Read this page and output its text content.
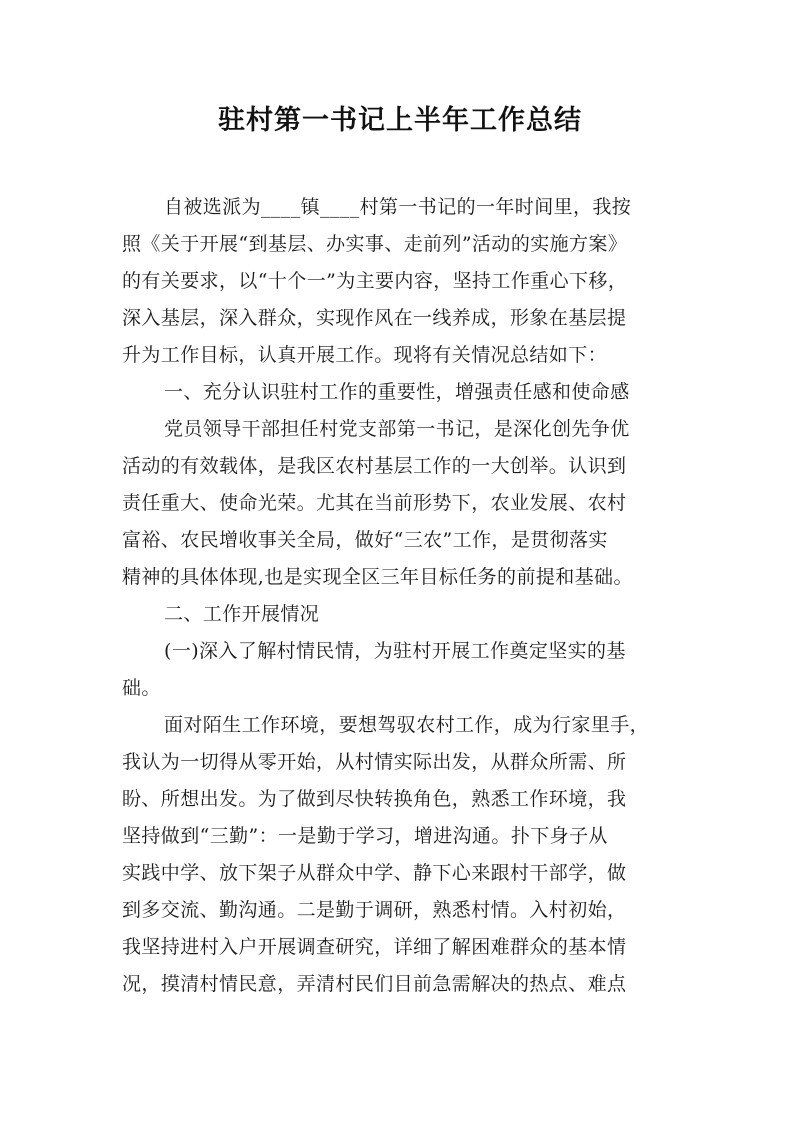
驻村第一书记上半年工作总结
自被选派为____镇____村第一书记的一年时间里，我按
照《关于开展“到基层、办实事、走前列”活动的实施方案》
的有关要求，以“十个一”为主要内容，坚持工作重心下移，
深入基层，深入群众，实现作风在一线养成，形象在基层提
升为工作目标，认真开展工作。现将有关情况总结如下：
一、充分认识驻村工作的重要性，增强责任感和使命感
党员领导干部担任村党支部第一书记，是深化创先争优
活动的有效载体，是我区农村基层工作的一大创举。认识到
责任重大、使命光荣。尤其在当前形势下，农业发展、农村
富裕、农民增收事关全局，做好“三农”工作，是贯彻落实
精神的具体体现,也是实现全区三年目标任务的前提和基础。
二、工作开展情况
(一)深入了解村情民情，为驻村开展工作奠定坚实的基
础。
面对陌生工作环境，要想驾驭农村工作，成为行家里手，
我认为一切得从零开始，从村情实际出发，从群众所需、所
盼、所想出发。为了做到尽快转换角色，熟悉工作环境，我
坚持做到“三勤”：一是勤于学习，增进沟通。扑下身子从
实践中学、放下架子从群众中学、静下心来跟村干部学，做
到多交流、勤沟通。二是勤于调研，熟悉村情。入村初始，
我坚持进村入户开展调查研究，详细了解困难群众的基本情
况，摸清村情民意，弄清村民们目前急需解决的热点、难点
